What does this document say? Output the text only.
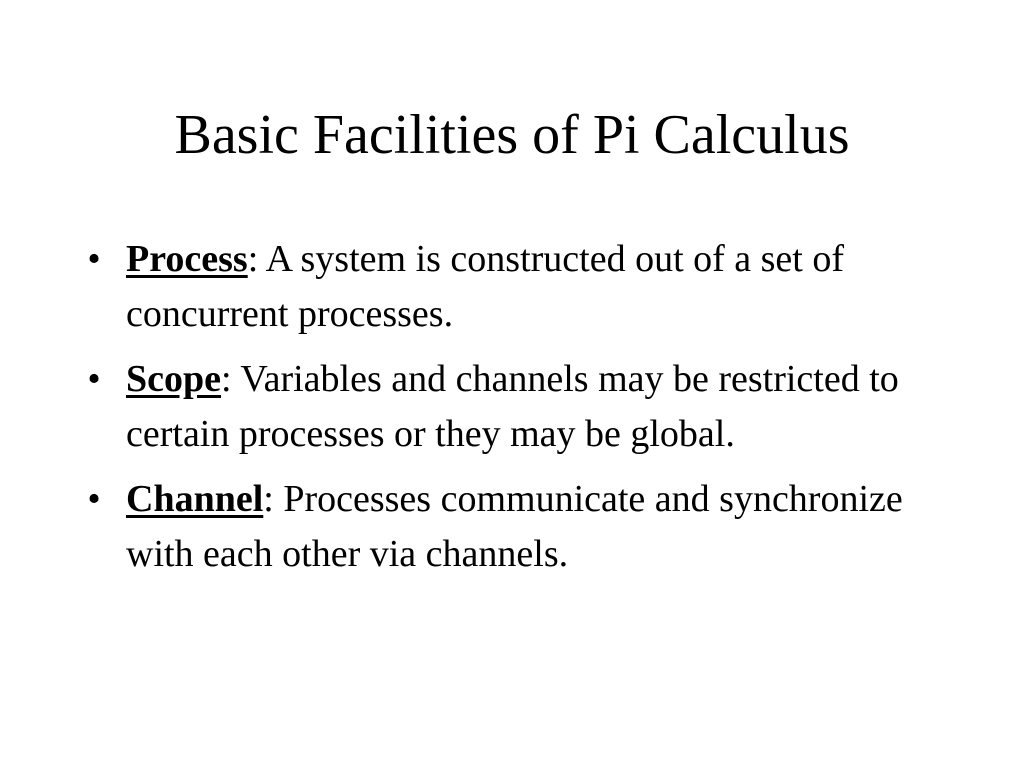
Basic Facilities of Pi Calculus
• Process: A system is constructed out of a set of concurrent processes.
• Scope: Variables and channels may be restricted to certain processes or they may be global.
• Channel: Processes communicate and synchronize with each other via channels.
